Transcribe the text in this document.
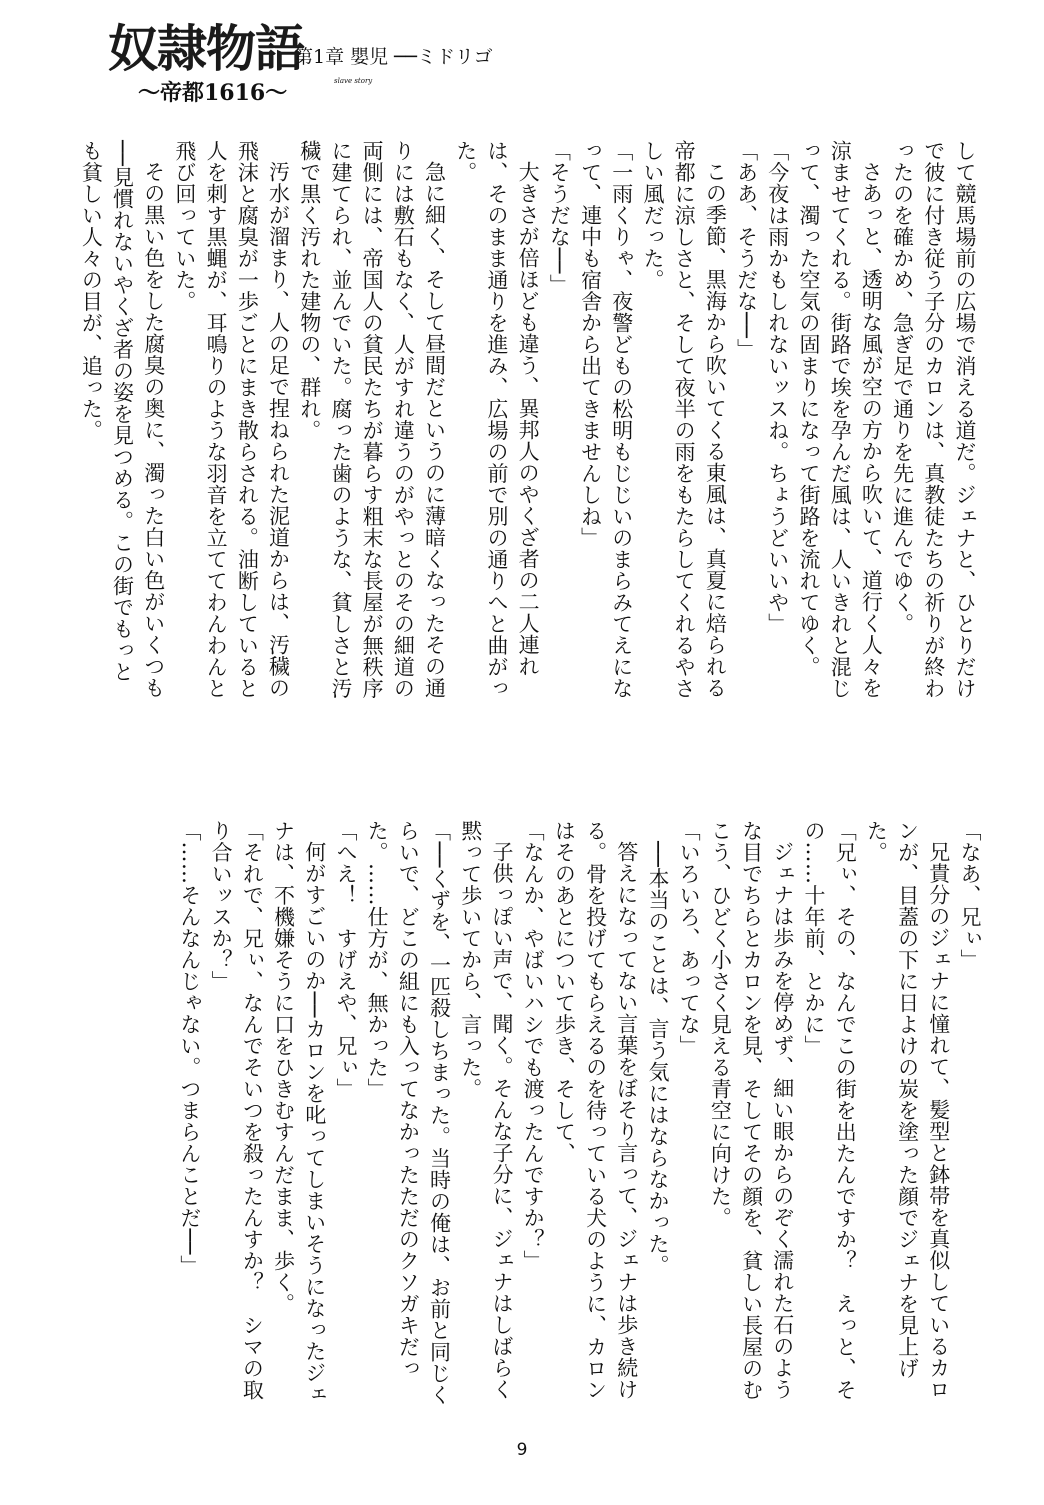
奴隷物語
slave story
〜帝都1616〜
第1章 嬰児 ──ミドリゴ

して競馬場前の広場で消える道だ。ジェナと、ひとりだけで彼に付き従う子分のカロンは、真教徒たちの祈りが終わったのを確かめ、急ぎ足で通りを先に進んでゆく。

さあっと、透明な風が空の方から吹いて、道行く人々を涼ませてくれる。街路で埃を孕んだ風は、人いきれと混じって、濁った空気の固まりになって街路を流れてゆく。

「今夜は雨かもしれないッスね。ちょうどいいや」

「ああ、そうだな──」

この季節、黒海から吹いてくる東風は、真夏に焙られる帝都に涼しさと、そして夜半の雨をもたらしてくれるやさしい風だった。

「一雨くりゃ、夜警どもの松明もじじいのまらみてえになって、連中も宿舎から出てきませんしね」

「そうだな──」

大きさが倍ほども違う、異邦人のやくざ者の二人連れは、そのまま通りを進み、広場の前で別の通りへと曲がった。

急に細く、そして昼間だというのに薄暗くなったその通りには敷石もなく、人がすれ違うのがやっとのその細道の両側には、帝国人の貧民たちが暮らす粗末な長屋が無秩序に建てられ、並んでいた。腐った歯のような、貧しさと汚穢で黒く汚れた建物の、群れ。

汚水が溜まり、人の足で捏ねられた泥道からは、汚穢の飛沫と腐臭が一歩ごとにまき散らされる。油断していると人を刺す黒蝿が、耳鳴りのような羽音を立ててわんわんと飛び回っていた。

その黒い色をした腐臭の奥に、濁った白い色がいくつも──見慣れないやくざ者の姿を見つめる。この街でもっとも貧しい人々の目が、追った。

「なあ、兄ぃ」

兄貴分のジェナに憧れて、髪型と鉢帯を真似しているカロンが、目蓋の下に日よけの炭を塗った顔でジェナを見上げた。

「兄ぃ、その、なんでこの街を出たんですか？　えっと、その……十年前、とかに」

ジェナは歩みを停めず、細い眼からのぞく濡れた石のような目でちらとカロンを見、そしてその顔を、貧しい長屋のむこう、ひどく小さく見える青空に向けた。

「いろいろ、あってな」

──本当のことは、言う気にはならなかった。

答えになってない言葉をぼそり言って、ジェナは歩き続ける。骨を投げてもらえるのを待っている犬のように、カロンはそのあとについて歩き、そして、

「なんか、やばいハシでも渡ったんですか？」

子供っぽい声で、聞く。そんな子分に、ジェナはしばらく黙って歩いてから、言った。

「──くずを、一匹殺しちまった。当時の俺は、お前と同じくらいで、どこの組にも入ってなかったただのクソガキだった。……仕方が、無かった」

「へえ！　すげえや、兄ぃ」

何がすごいのか──カロンを叱ってしまいそうになったジェナは、不機嫌そうに口をひきむすんだまま、歩く。

「それで、兄ぃ、なんでそいつを殺ったんすか？　シマの取り合いッスか？」

「……そんなんじゃない。つまらんことだ──」

9
